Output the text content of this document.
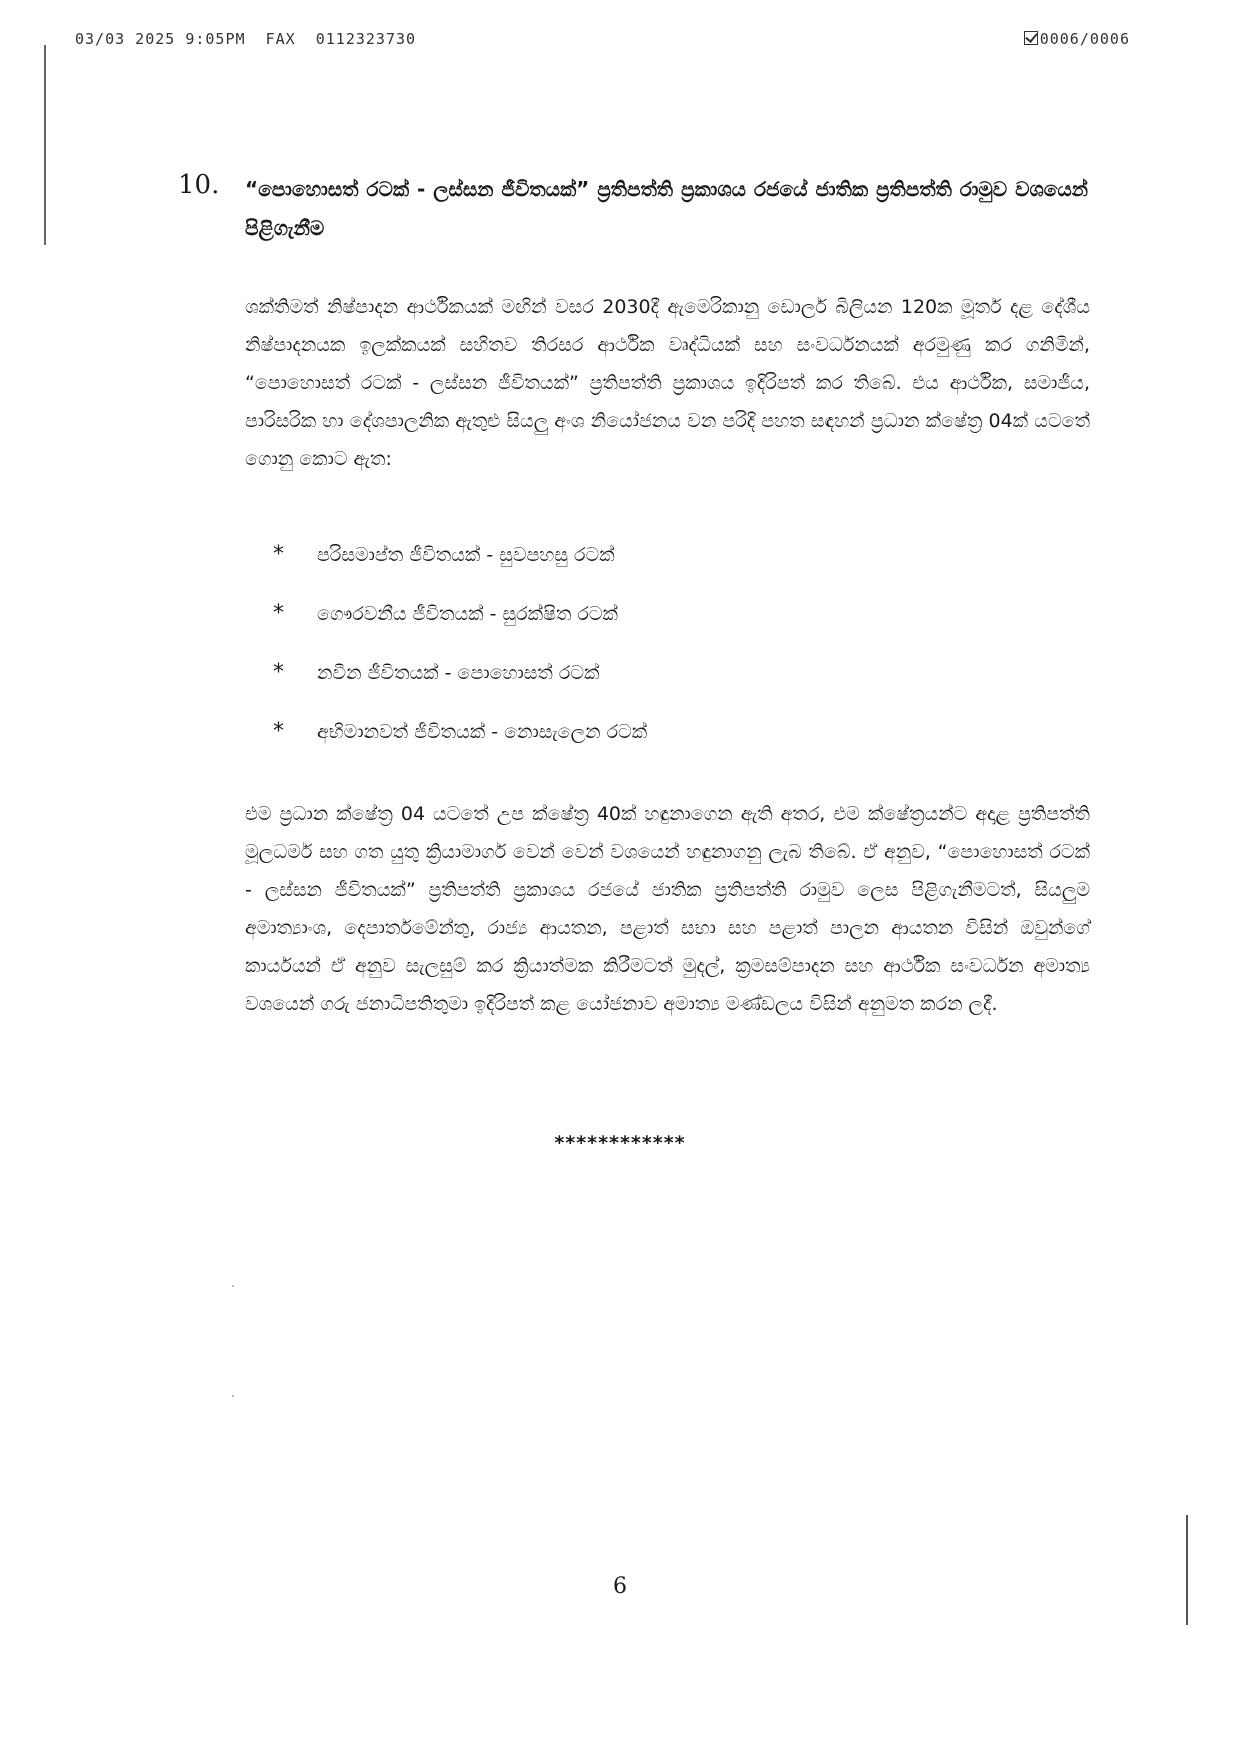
03/03 2025 9:05PM  FAX  0112323730	0006/0006
10. “පොහොසත් රටක් - ලස්සන ජීවිතයක්” ප්‍රතිපත්ති ප්‍රකාශය රජයේ ජාතික ප්‍රතිපත්ති රාමුව වශයෙන් පිළිගැනීම
ශක්තිමත් නිෂ්පාදන ආර්ථිකයක් මඟින් වසර 2030දී ඇමෙරිකානු ඩොලර් බිලියන 120ක මූර්ත දළ දේශීය නිෂ්පාදනයක ඉලක්කයක් සහිතව තිරසර ආර්ථික වෘද්ධියක් සහ සංවර්ධනයක් අරමුණු කර ගනිමින්, “පොහොසත් රටක් - ලස්සන ජීවිතයක්” ප්‍රතිපත්ති ප්‍රකාශය ඉදිරිපත් කර තිබේ. එය ආර්ථික, සමාජීය, පාරිසරික හා දේශපාලනික ඇතුළු සියලු අංශ නියෝජනය වන පරිදි පහත සඳහන් ප්‍රධාන ක්ෂේත්‍ර 04ක් යටතේ ගොනු කොට ඇත:
* පරිසමාප්ත ජීවිතයක් - සුවපහසු රටක්
* ගෞරවනීය ජීවිතයක් - සුරක්ෂිත රටක්
* නවීන ජීවිතයක් - පොහොසත් රටක්
* අභිමානවත් ජීවිතයක් - නොසැලෙන රටක්
එම ප්‍රධාන ක්ෂේත්‍ර 04 යටතේ උප ක්ෂේත්‍ර 40ක් හඳුනාගෙන ඇති අතර, එම ක්ෂේත්‍රයන්ට අදාළ ප්‍රතිපත්ති මූලධර්ම සහ ගත යුතු ක්‍රියාමාර්ග වෙන් වෙන් වශයෙන් හඳුනාගනු ලැබ තිබේ. ඒ අනුව, “පොහොසත් රටක් - ලස්සන ජීවිතයක්” ප්‍රතිපත්ති ප්‍රකාශය රජයේ ජාතික ප්‍රතිපත්ති රාමුව ලෙස පිළිගැනීමටත්, සියලුම අමාත්‍යාංශ, දෙපාර්තමේන්තු, රාජ්‍ය ආයතන, පළාත් සභා සහ පළාත් පාලන ආයතන විසින් ඔවුන්ගේ කාර්යයන් ඒ අනුව සැලසුම් කර ක්‍රියාත්මක කිරීමටත් මුදල්, ක්‍රමසම්පාදන සහ ආර්ථික සංවර්ධන අමාත්‍ය වශයෙන් ගරු ජනාධිපතිතුමා ඉදිරිපත් කළ යෝජනාව අමාත්‍ය මණ්ඩලය විසින් අනුමත කරන ලදී.
************
6
